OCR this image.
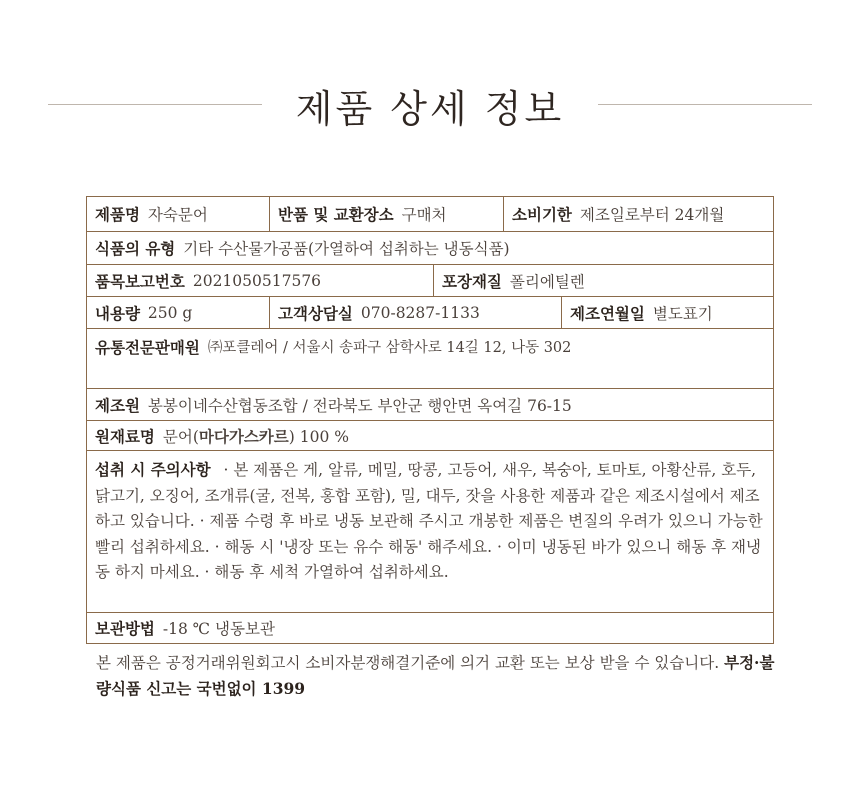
제품 상세 정보
제품명 자숙문어	반품 및 교환장소 구매처	소비기한 제조일로부터 24개월
식품의 유형 기타 수산물가공품(가열하여 섭취하는 냉동식품)
품목보고번호 2021050517576	포장재질 폴리에틸렌
내용량 250 g	고객상담실 070-8287-1133	제조연월일 별도표기
유통전문판매원 ㈜포클레어 / 서울시 송파구 삼학사로 14길 12, 나동 302
제조원 봉봉이네수산협동조합 / 전라북도 부안군 행안면 옥여길 76-15
원재료명 문어(마다가스카르) 100 %
섭취 시 주의사항 · 본 제품은 게, 알류, 메밀, 땅콩, 고등어, 새우, 복숭아, 토마토, 아황산류, 호두, 닭고기, 오징어, 조개류(굴, 전복, 홍합 포함), 밀, 대두, 잣을 사용한 제품과 같은 제조시설에서 제조하고 있습니다. · 제품 수령 후 바로 냉동 보관해 주시고 개봉한 제품은 변질의 우려가 있으니 가능한 빨리 섭취하세요. · 해동 시 '냉장 또는 유수 해동' 해주세요. · 이미 냉동된 바가 있으니 해동 후 재냉동 하지 마세요. · 해동 후 세척 가열하여 섭취하세요.
보관방법 -18 ℃ 냉동보관
본 제품은 공정거래위원회고시 소비자분쟁해결기준에 의거 교환 또는 보상 받을 수 있습니다. 부정·불량식품 신고는 국번없이 1399
